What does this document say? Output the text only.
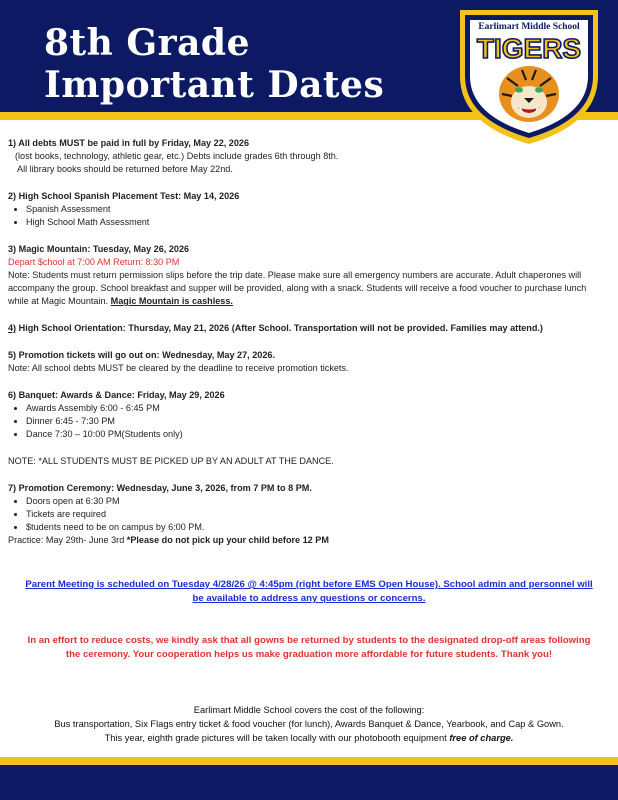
8th Grade
Important Dates
Earlimart Middle School
TIGERS
1) All debts MUST be paid in full by Friday, May 22, 2026
(lost books, technology, athletic gear, etc.) Debts include grades 6th through 8th.
All library books should be returned before May 22nd.
2) High School Spanish Placement Test: May 14, 2026
• Spanish Assessment
• High School Math Assessment
3) Magic Mountain: Tuesday, May 26, 2026
Depart $chool at 7:00 AM Return: 8:30 PM
Note: Students must return permission slips before the trip date. Please make sure all emergency numbers are accurate. Adult chaperones will accompany the group. School breakfast and supper will be provided, along with a snack. Students will receive a food voucher to purchase lunch while at Magic Mountain. Magic Mountain is cashless.
4) High School Orientation: Thursday, May 21, 2026 (After School. Transportation will not be provided. Families may attend.)
5) Promotion tickets will go out on: Wednesday, May 27, 2026.
Note: All school debts MUST be cleared by the deadline to receive promotion tickets.
6) Banquet: Awards & Dance: Friday, May 29, 2026
• Awards Assembly 6:00 - 6:45 PM
• Dinner 6:45 - 7:30 PM
• Dance 7:30 – 10:00 PM(Students only)
NOTE: *ALL STUDENTS MUST BE PICKED UP BY AN ADULT AT THE DANCE.
7) Promotion Ceremony: Wednesday, June 3, 2026, from 7 PM to 8 PM.
• Doors open at 6:30 PM
• Tickets are required
• $tudents need to be on campus by 6:00 PM.
Practice: May 29th- June 3rd *Please do not pick up your child before 12 PM
Parent Meeting is scheduled on Tuesday 4/28/26 @ 4:45pm (right before EMS Open House). School admin and personnel will be available to address any questions or concerns.
In an effort to reduce costs, we kindly ask that all gowns be returned by students to the designated drop-off areas following the ceremony. Your cooperation helps us make graduation more affordable for future students. Thank you!
Earlimart Middle School covers the cost of the following:
Bus transportation, Six Flags entry ticket & food voucher (for lunch), Awards Banquet & Dance, Yearbook, and Cap & Gown.
This year, eighth grade pictures will be taken locally with our photobooth equipment free of charge.
